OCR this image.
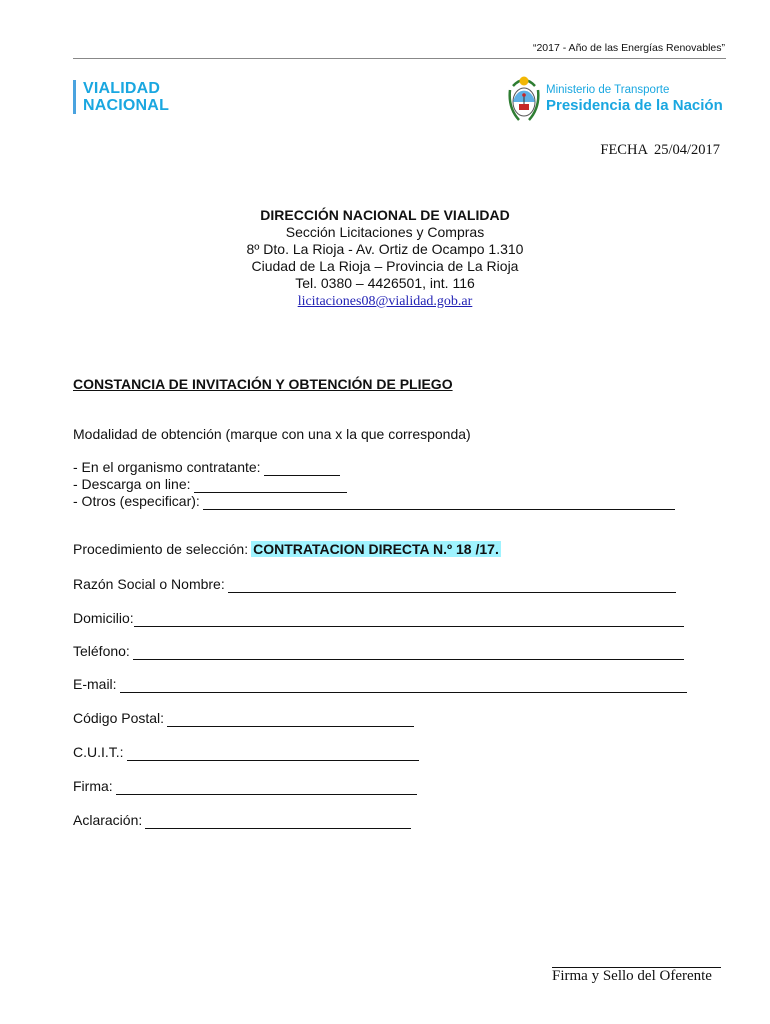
“2017 - Año de las Energías Renovables”
VIALIDAD
NACIONAL
Ministerio de Transporte
Presidencia de la Nación
FECHA 25/04/2017
DIRECCIÓN NACIONAL DE VIALIDAD
Sección Licitaciones y Compras
8º Dto. La Rioja - Av. Ortiz de Ocampo 1.310
Ciudad de La Rioja – Provincia de La Rioja
Tel. 0380 – 4426501, int. 116
licitaciones08@vialidad.gob.ar
CONSTANCIA DE INVITACIÓN Y OBTENCIÓN DE PLIEGO
Modalidad de obtención (marque con una x la que corresponda)
- En el organismo contratante:
- Descarga on line:
- Otros (especificar):
Procedimiento de selección: CONTRATACION DIRECTA N.º 18 /17.
Razón Social o Nombre:
Domicilio:
Teléfono:
E-mail:
Código Postal:
C.U.I.T.:
Firma:
Aclaración:
Firma y Sello del Oferente
